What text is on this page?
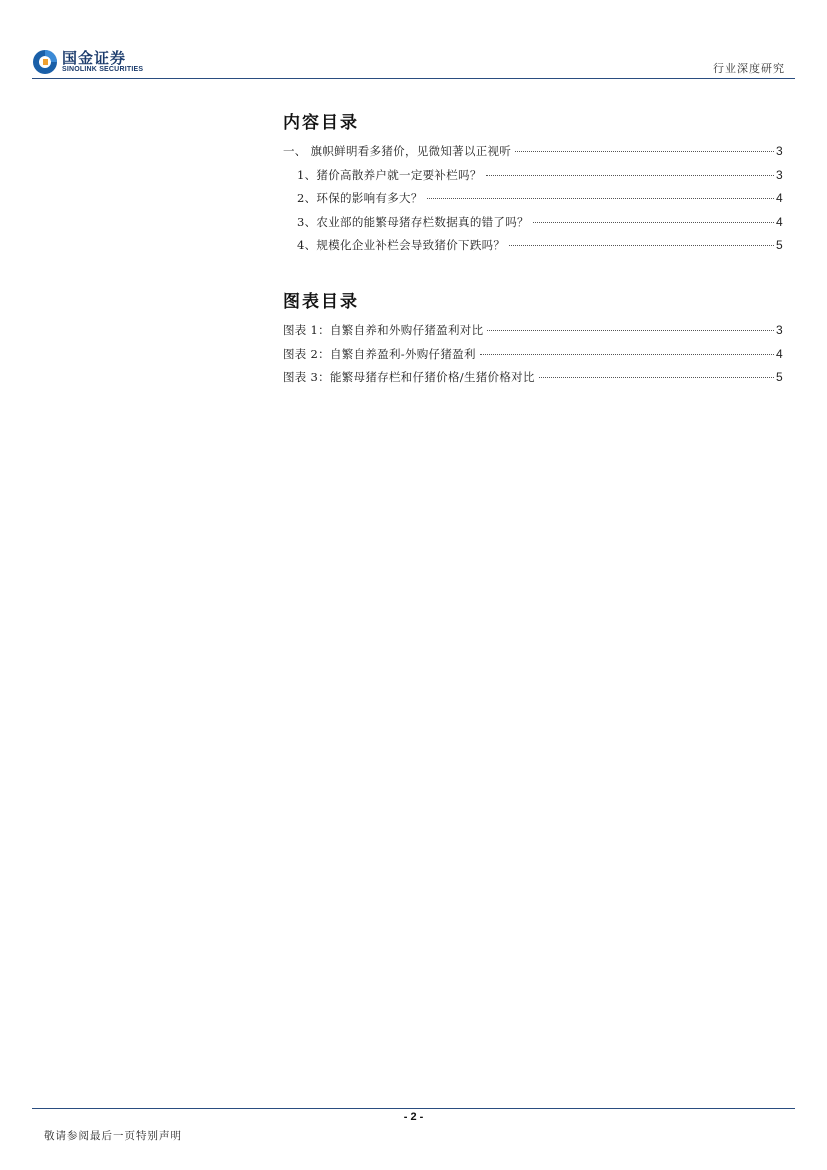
国金证券
SINOLINK SECURITIES	行业深度研究
内容目录
一、 旗帜鲜明看多猪价，见微知著以正视听	3
1、猪价高散养户就一定要补栏吗？	3
2、环保的影响有多大？	4
3、农业部的能繁母猪存栏数据真的错了吗？	4
4、规模化企业补栏会导致猪价下跌吗？	5
图表目录
图表 1：自繁自养和外购仔猪盈利对比	3
图表 2：自繁自养盈利-外购仔猪盈利	4
图表 3：能繁母猪存栏和仔猪价格/生猪价格对比	5
- 2 -
敬请参阅最后一页特别声明
